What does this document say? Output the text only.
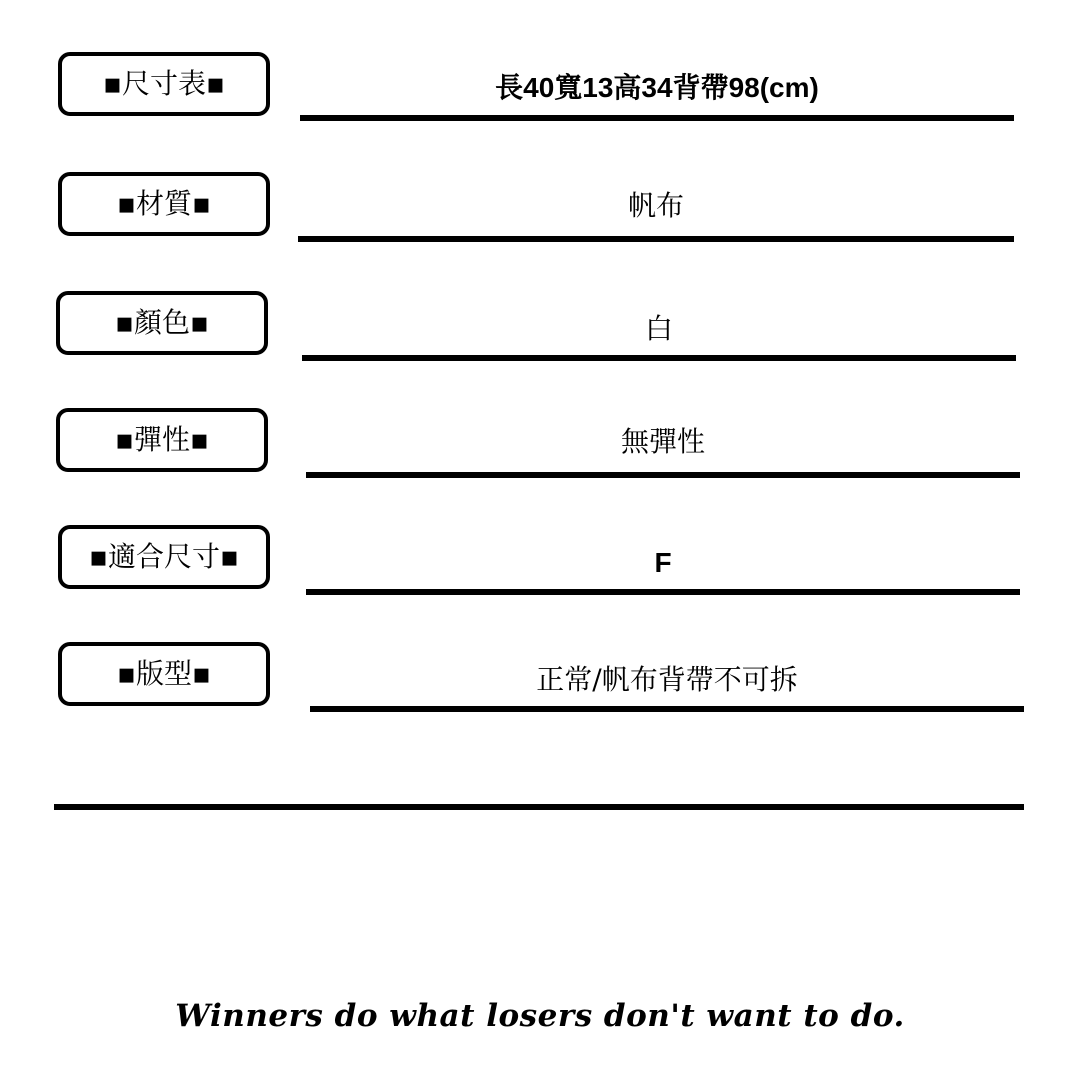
▪尺寸表▪	長40寬13高34背帶98(cm)
▪材質▪	帆布
▪顏色▪	白
▪彈性▪	無彈性
▪適合尺寸▪	F
▪版型▪	正常/帆布背帶不可拆
Winners do what losers don't want to do.
